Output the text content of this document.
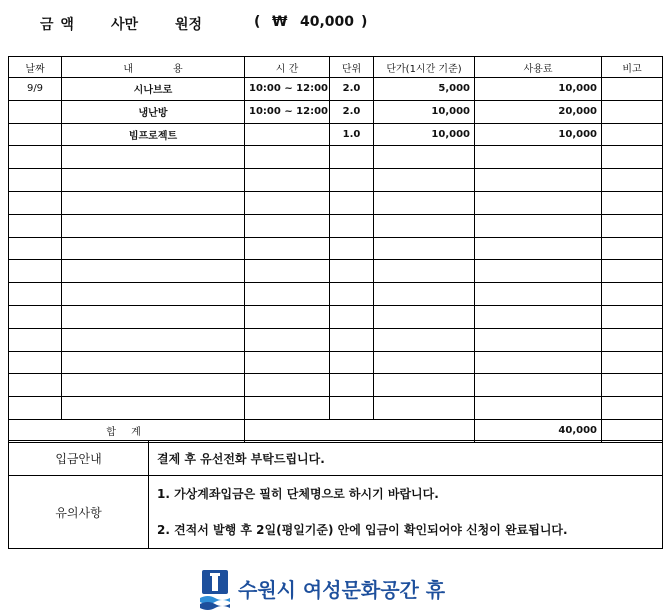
금 액	사만	원정	( ₩ 40,000 )
날짜	내　　　　용	시 간	단위	단가(1시간 기준)	사용료	비고
9/9	시나브로	10:00 ~ 12:00	2.0	5,000	10,000	
	냉난방	10:00 ~ 12:00	2.0	10,000	20,000	
	빔프로젝트		1.0	10,000	10,000	

합 계					40,000	
입금안내	결제 후 유선전화 부탁드립니다.
유의사항	1. 가상계좌입금은 필히 단체명으로 하시기 바랍니다.
2. 견적서 발행 후 2일(평일기준) 안에 입금이 확인되어야 신청이 완료됩니다.
수원시 여성문화공간 휴
